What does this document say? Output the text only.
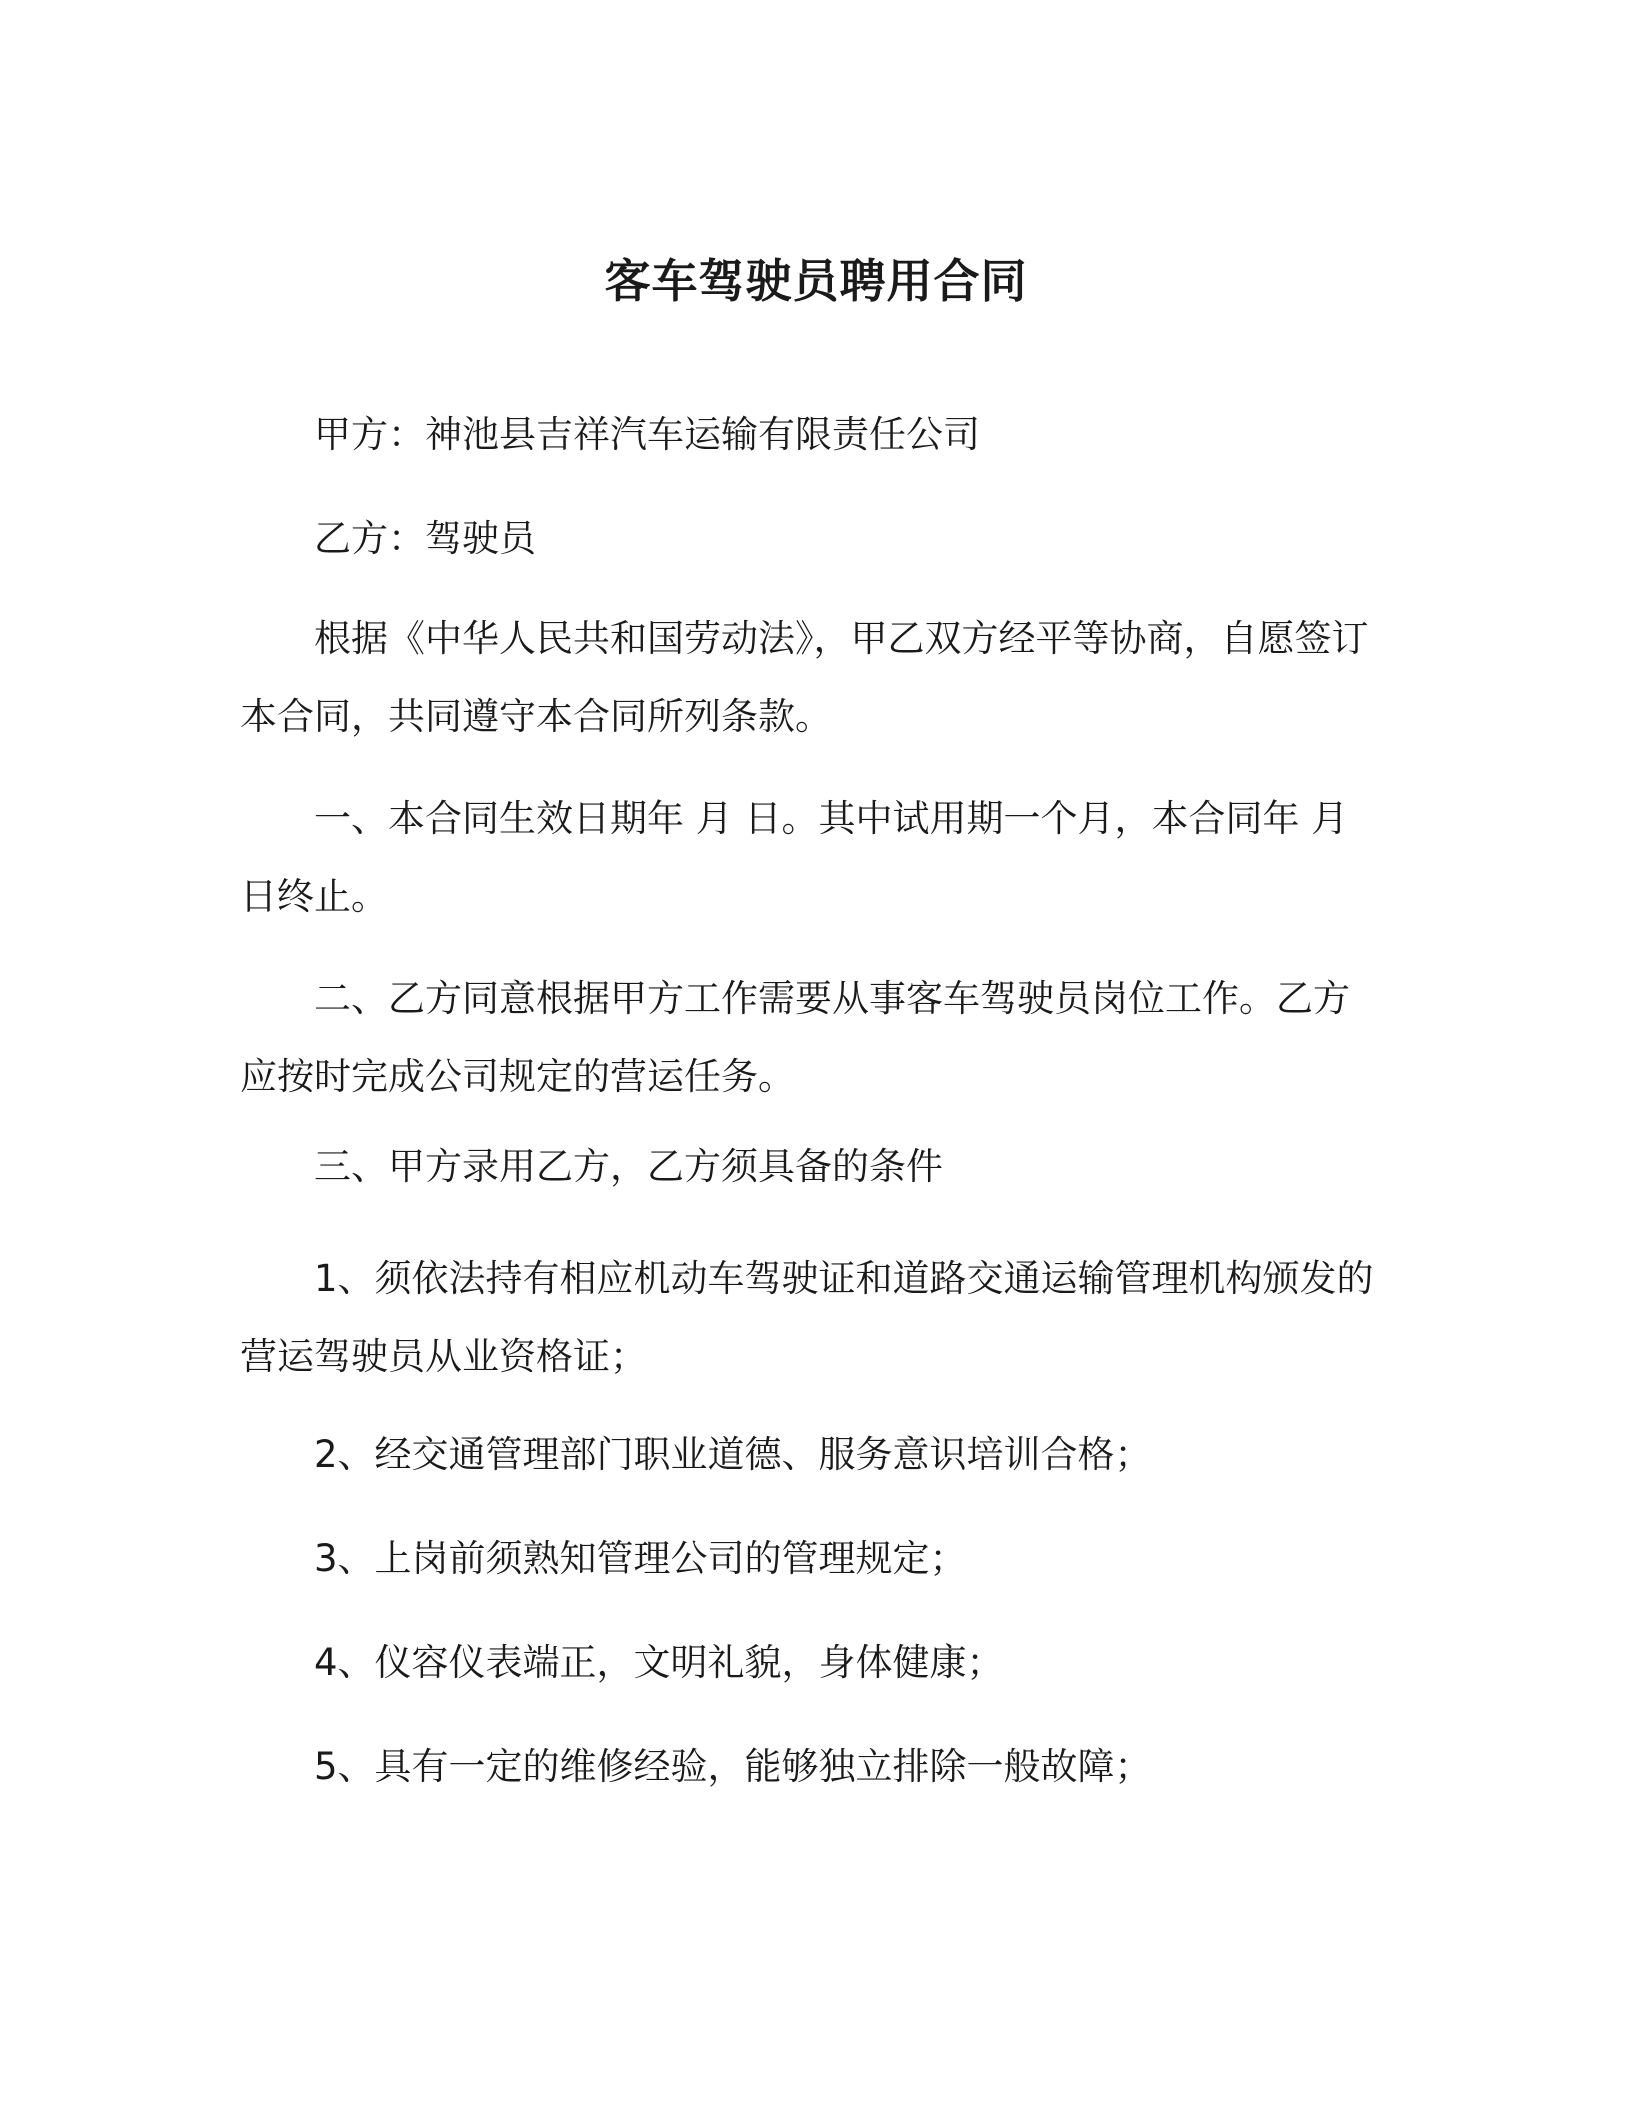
客车驾驶员聘用合同

甲方：神池县吉祥汽车运输有限责任公司

乙方：驾驶员

根据《中华人民共和国劳动法》，甲乙双方经平等协商，自愿签订本合同，共同遵守本合同所列条款。

一、本合同生效日期年 月 日。其中试用期一个月，本合同年 月日终止。

二、乙方同意根据甲方工作需要从事客车驾驶员岗位工作。乙方应按时完成公司规定的营运任务。

三、甲方录用乙方，乙方须具备的条件

1、须依法持有相应机动车驾驶证和道路交通运输管理机构颁发的营运驾驶员从业资格证；

2、经交通管理部门职业道德、服务意识培训合格；

3、上岗前须熟知管理公司的管理规定；

4、仪容仪表端正，文明礼貌，身体健康；

5、具有一定的维修经验，能够独立排除一般故障；
